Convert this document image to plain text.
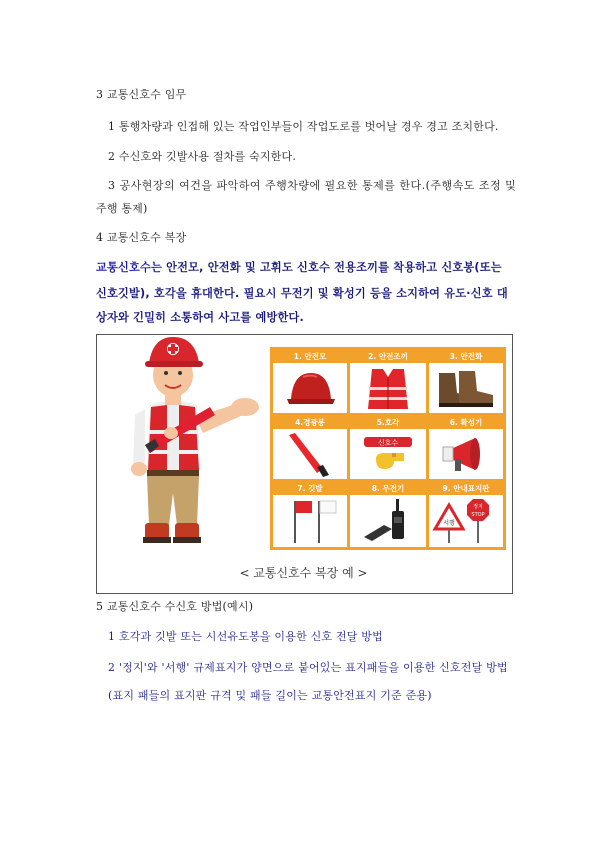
3 교통신호수 임무
1 통행차량과 인접해 있는 작업인부들이 작업도로를 벗어날 경우 경고 조치한다.
2 수신호와 깃발사용 절차를 숙지한다.
3 공사현장의 여건을 파악하여 주행차량에 필요한 통제를 한다.(주행속도 조정 및
주행 통제)
4 교통신호수 복장
교통신호수는 안전모, 안전화 및 고휘도 신호수 전용조끼를 착용하고 신호봉(또는
신호깃발), 호각을 휴대한다. 필요시 무전기 및 확성기 등을 소지하여 유도·신호 대
상자와 긴밀히 소통하여 사고를 예방한다.
1. 안전모	2. 안전조끼	3. 안전화
4.경광봉	5.호각
신호수
6. 확성기
7. 깃발	8. 무전기	9. 안내표지판
서행
정지
STOP
< 교통신호수 복장 예 >
5 교통신호수 수신호 방법(예시)
1 호각과 깃발 또는 시선유도봉을 이용한 신호 전달 방법
2 '정지'와 '서행' 규제표지가 양면으로 붙어있는 표지패들을 이용한 신호전달 방법
(표지 패들의 표지판 규격 및 패들 길이는 교통안전표지 기준 준용)
